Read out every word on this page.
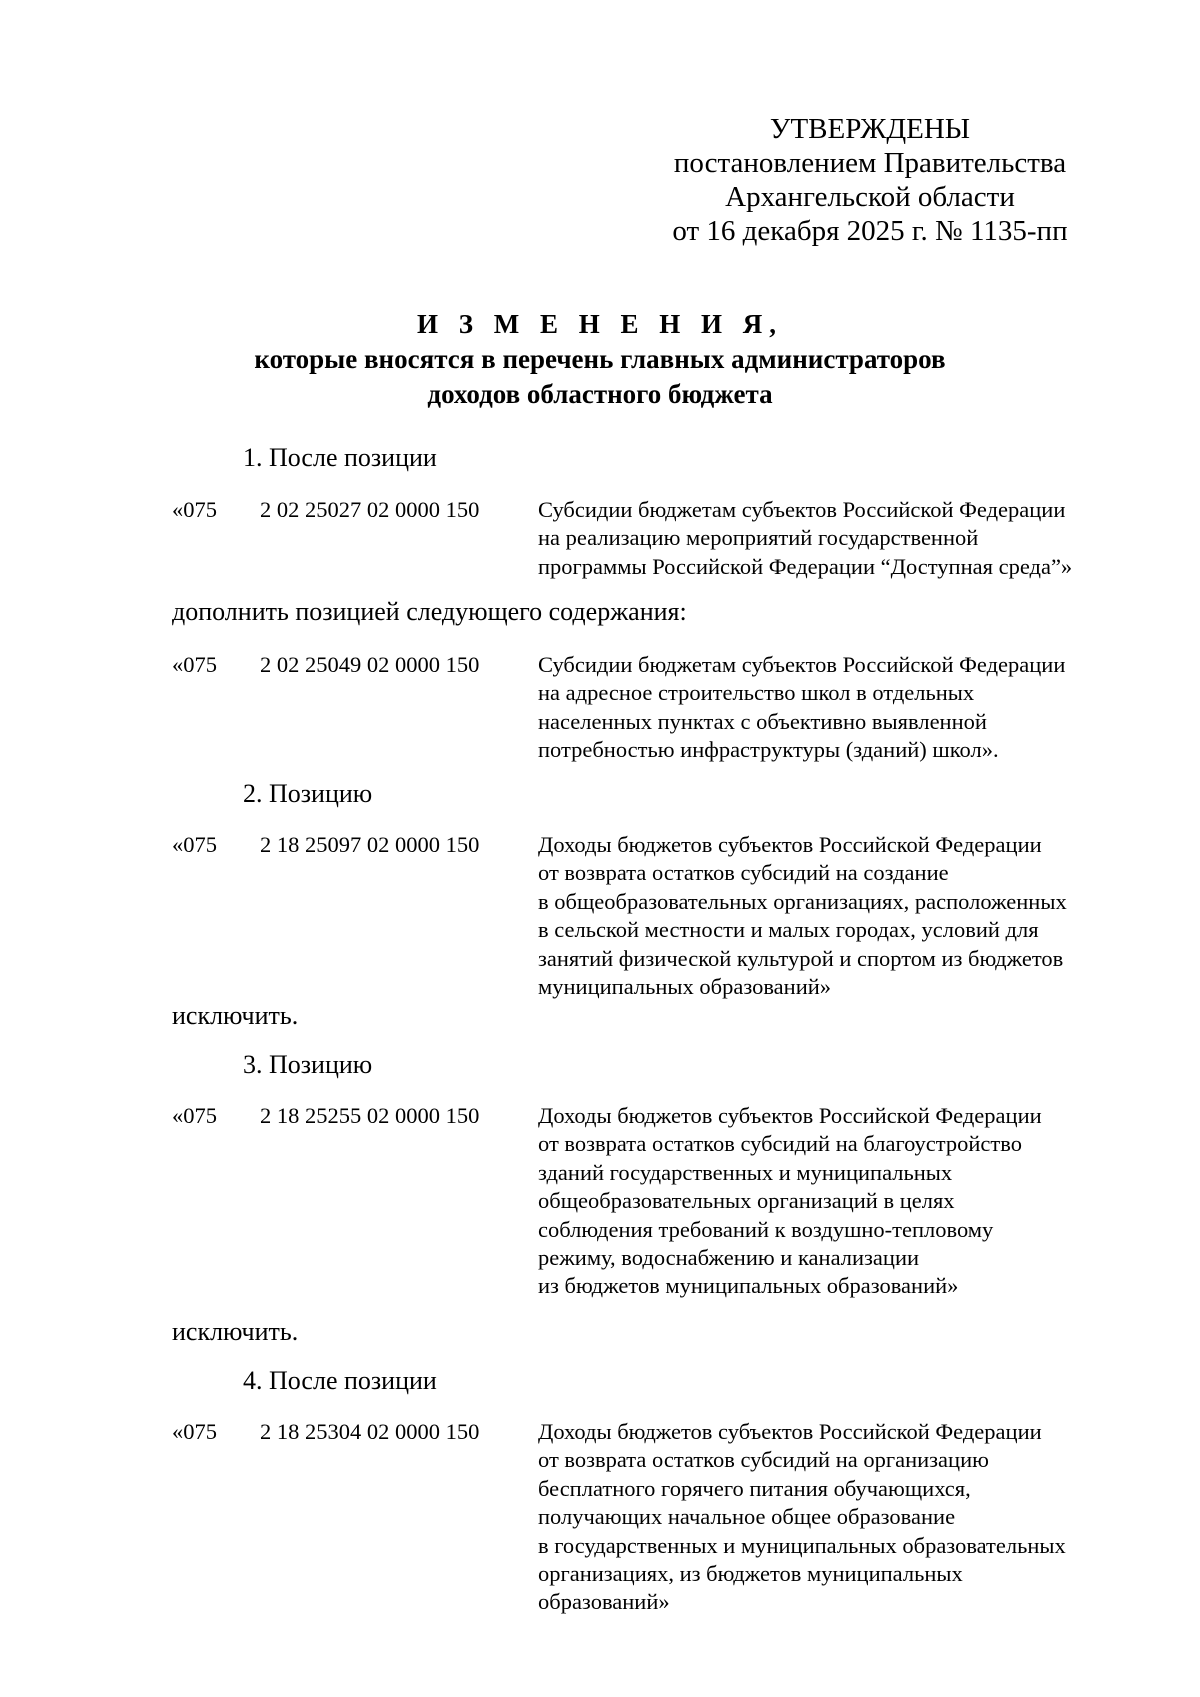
УТВЕРЖДЕНЫ
постановлением Правительства
Архангельской области
от 16 декабря 2025 г. № 1135-пп
И З М Е Н Е Н И Я,
которые вносятся в перечень главных администраторов
доходов областного бюджета
1. После позиции
«075 2 02 25027 02 0000 150	Субсидии бюджетам субъектов Российской Федерации
на реализацию мероприятий государственной
программы Российской Федерации “Доступная среда”»
дополнить позицией следующего содержания:
«075 2 02 25049 02 0000 150	Субсидии бюджетам субъектов Российской Федерации
на адресное строительство школ в отдельных
населенных пунктах с объективно выявленной
потребностью инфраструктуры (зданий) школ».
2. Позицию
«075 2 18 25097 02 0000 150	Доходы бюджетов субъектов Российской Федерации
от возврата остатков субсидий на создание
в общеобразовательных организациях, расположенных
в сельской местности и малых городах, условий для
занятий физической культурой и спортом из бюджетов
муниципальных образований»
исключить.
3. Позицию
«075 2 18 25255 02 0000 150	Доходы бюджетов субъектов Российской Федерации
от возврата остатков субсидий на благоустройство
зданий государственных и муниципальных
общеобразовательных организаций в целях
соблюдения требований к воздушно-тепловому
режиму, водоснабжению и канализации
из бюджетов муниципальных образований»
исключить.
4. После позиции
«075 2 18 25304 02 0000 150	Доходы бюджетов субъектов Российской Федерации
от возврата остатков субсидий на организацию
бесплатного горячего питания обучающихся,
получающих начальное общее образование
в государственных и муниципальных образовательных
организациях, из бюджетов муниципальных
образований»
